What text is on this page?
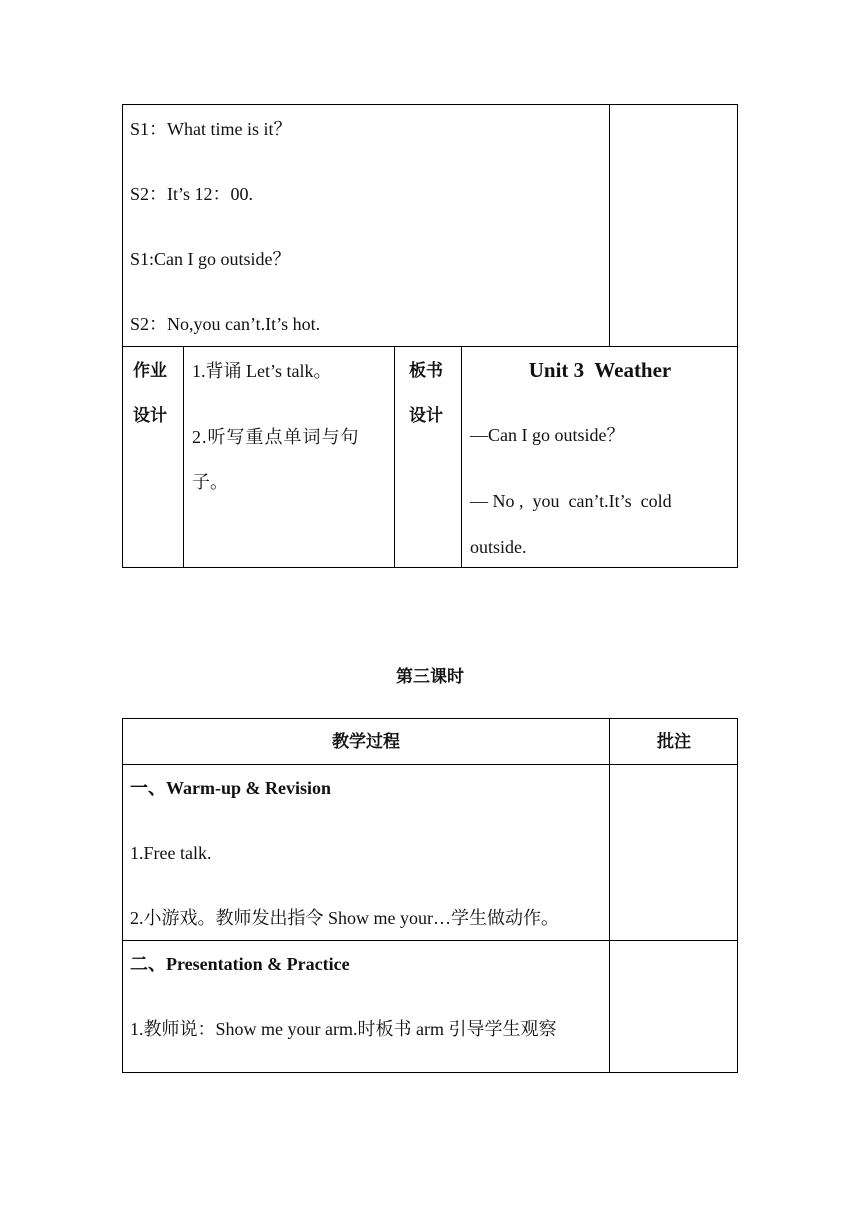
S1：What time is it？
S2：It’s 12：00.
S1:Can I go outside？
S2：No,you can’t.It’s hot.
作业
设计
1.背诵 Let’s talk。
2.听写重点单词与句
子。
板书
设计
Unit 3  Weather
—Can I go outside？
— No ,  you  can’t.It’s  cold
outside.
第三课时
教学过程	批注
一、Warm-up & Revision
1.Free talk.
2.小游戏。教师发出指令 Show me your…学生做动作。
二、Presentation & Practice
1.教师说：Show me your arm.时板书 arm 引导学生观察
